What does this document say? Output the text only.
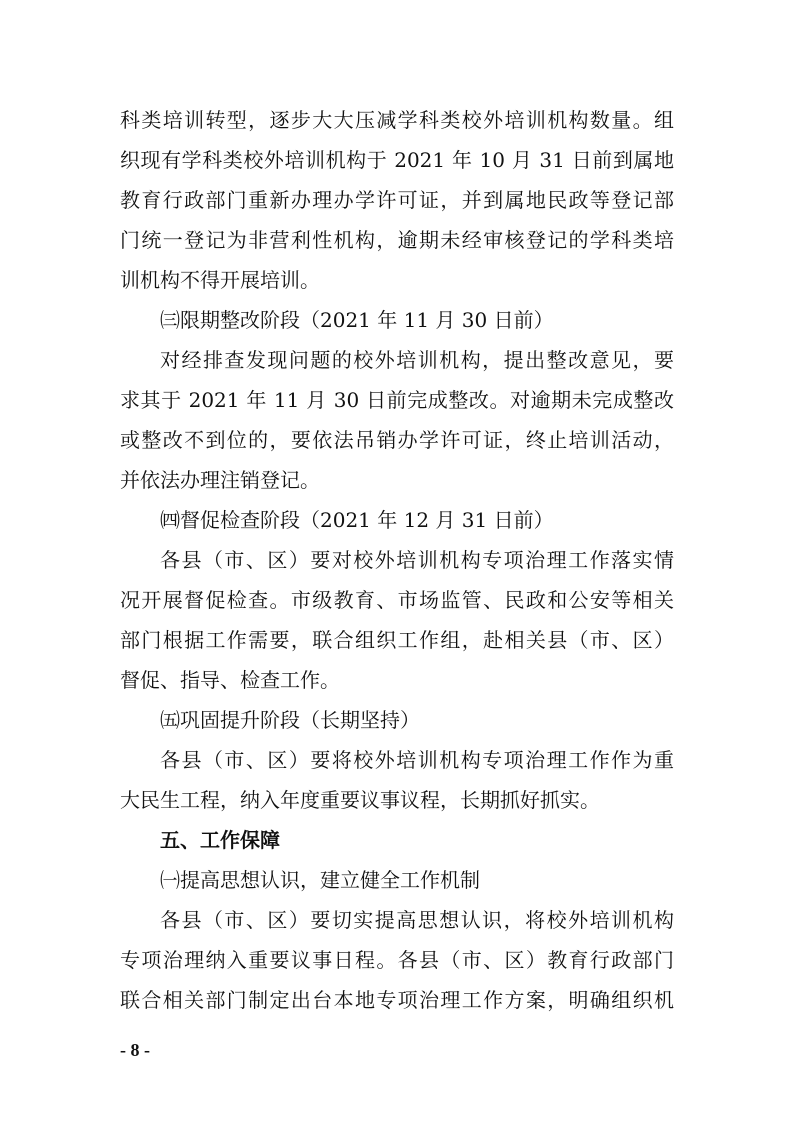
科类培训转型，逐步大大压减学科类校外培训机构数量。组
织现有学科类校外培训机构于 2021 年 10 月 31 日前到属地
教育行政部门重新办理办学许可证，并到属地民政等登记部
门统一登记为非营利性机构，逾期未经审核登记的学科类培
训机构不得开展培训。
㈢限期整改阶段（2021 年 11 月 30 日前）
对经排查发现问题的校外培训机构，提出整改意见，要
求其于 2021 年 11 月 30 日前完成整改。对逾期未完成整改
或整改不到位的，要依法吊销办学许可证，终止培训活动，
并依法办理注销登记。
㈣督促检查阶段（2021 年 12 月 31 日前）
各县（市、区）要对校外培训机构专项治理工作落实情
况开展督促检查。市级教育、市场监管、民政和公安等相关
部门根据工作需要，联合组织工作组，赴相关县（市、区）
督促、指导、检查工作。
㈤巩固提升阶段（长期坚持）
各县（市、区）要将校外培训机构专项治理工作作为重
大民生工程，纳入年度重要议事议程，长期抓好抓实。
五、工作保障
㈠提高思想认识，建立健全工作机制
各县（市、区）要切实提高思想认识，将校外培训机构
专项治理纳入重要议事日程。各县（市、区）教育行政部门
联合相关部门制定出台本地专项治理工作方案，明确组织机
- 8 -
